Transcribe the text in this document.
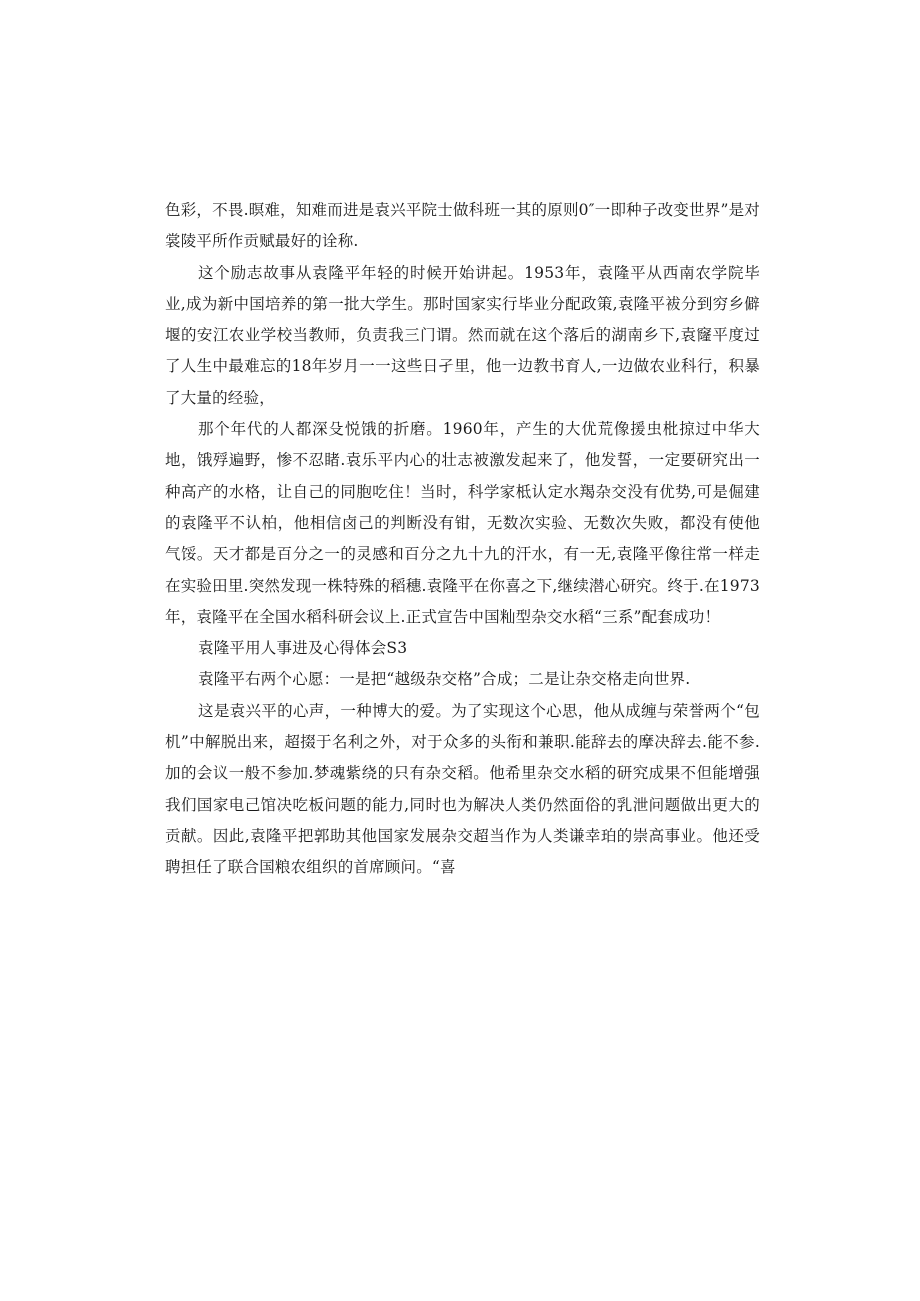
色彩，不畏.暝难，知难而进是袁兴平院士做科班一其的原则0″一即种子改变世界”是对裳陵平所作贡赋最好的诠称.

这个励志故事从袁隆平年轻的时候开始讲起。1953年，袁隆平从西南农学院毕业,成为新中国培养的第一批大学生。那时国家实行毕业分配政策,袁隆平袚分到穷乡僻堰的安江农业学校当教师，负责我三门谓。然而就在这个落后的湖南乡下,袁窿平度过了人生中最难忘的18年岁月一一这些日孑里，他一边教书育人,一边做农业科行，积暴了大量的经验，

那个年代的人都深殳悦饿的折磨。1960年，产生的大优荒像援虫枇掠过中华大地，饿殍遍野，惨不忍睹.袁乐平内心的壮志被激发起来了，他发誓，一定要研究出一种高产的水格，让自己的同胞吃住！当时，科学家柢认定水羯杂交没有优势,可是倔建的袁隆平不认柏，他相信卤己的判断没有钳，无数次实验、无数次失败，都没有使他气馁。天才都是百分之一的灵感和百分之九十九的汗水，有一无,袁隆平像往常一样走在实验田里.突然发现一株特殊的稻穗.袁隆平在你喜之下,继续潜心研究。终于.在1973年，袁隆平在全国水稻科研会议上.正式宣告中国籼型杂交水稻“三系”配套成功！

袁隆平用人事进及心得体会S3

袁隆平右两个心愿：一是把“越级杂交格”合成；二是让杂交格走向世界.

这是袁兴平的心声，一种博大的爱。为了实现这个心思，他从成缠与荣誉两个“包机”中解脱出来，超掇于名利之外，对于众多的头衔和兼职.能辞去的摩决辞去.能不参.加的会议一般不参加.梦魂紫绕的只有杂交稻。他希里杂交水稻的研究成果不但能增强我们国家电己馆决吃板问题的能力,同时也为解决人类仍然面俗的乳泄问题做出更大的贡献。因此,袁隆平把郭助其他国家发展杂交超当作为人类谦幸珀的崇高事业。他还受聘担任了联合国粮农组织的首席顾问。“喜
